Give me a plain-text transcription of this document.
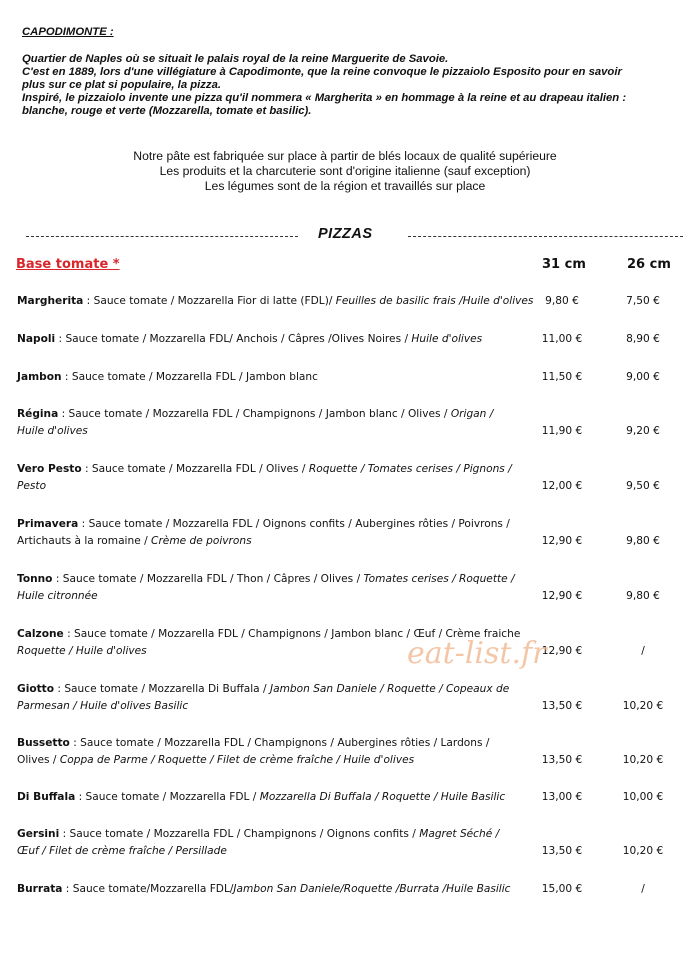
CAPODIMONTE :
Quartier de Naples où se situait le palais royal de la reine Marguerite de Savoie.
C'est en 1889, lors d'une villégiature à Capodimonte, que la reine convoque le pizzaiolo Esposito pour en savoir
plus sur ce plat si populaire, la pizza.
Inspiré, le pizzaiolo invente une pizza qu'il nommera « Margherita » en hommage à la reine et au drapeau italien :
blanche, rouge et verte (Mozzarella, tomate et basilic).
Notre pâte est fabriquée sur place à partir de blés locaux de qualité supérieure
Les produits et la charcuterie sont d'origine italienne (sauf exception)
Les légumes sont de la région et travaillés sur place
PIZZAS
Base tomate *	31 cm	26 cm
Margherita : Sauce tomate / Mozzarella Fior di latte (FDL)/ Feuilles de basilic frais /Huile d'olives	9,80 €	7,50 €
Napoli : Sauce tomate / Mozzarella FDL/ Anchois / Câpres /Olives Noires / Huile d'olives	11,00 €	8,90 €
Jambon : Sauce tomate / Mozzarella FDL / Jambon blanc	11,50 €	9,00 €
Régina : Sauce tomate / Mozzarella FDL / Champignons / Jambon blanc / Olives / Origan /
Huile d'olives	11,90 €	9,20 €
Vero Pesto : Sauce tomate / Mozzarella FDL / Olives / Roquette / Tomates cerises / Pignons /
Pesto	12,00 €	9,50 €
Primavera : Sauce tomate / Mozzarella FDL / Oignons confits / Aubergines rôties / Poivrons /
Artichauts à la romaine / Crème de poivrons	12,90 €	9,80 €
Tonno : Sauce tomate / Mozzarella FDL / Thon / Câpres / Olives / Tomates cerises / Roquette /
Huile citronnée	12,90 €	9,80 €
Calzone : Sauce tomate / Mozzarella FDL / Champignons / Jambon blanc / Œuf / Crème fraiche
Roquette / Huile d'olives	12,90 €	/
Giotto : Sauce tomate / Mozzarella Di Buffala / Jambon San Daniele / Roquette / Copeaux de
Parmesan / Huile d'olives Basilic	13,50 €	10,20 €
Bussetto : Sauce tomate / Mozzarella FDL / Champignons / Aubergines rôties / Lardons /
Olives / Coppa de Parme / Roquette / Filet de crème fraîche / Huile d'olives	13,50 €	10,20 €
Di Buffala : Sauce tomate / Mozzarella FDL / Mozzarella Di Buffala / Roquette / Huile Basilic	13,00 €	10,00 €
Gersini : Sauce tomate / Mozzarella FDL / Champignons / Oignons confits / Magret Séché /
Œuf / Filet de crème fraîche / Persillade	13,50 €	10,20 €
Burrata : Sauce tomate/Mozzarella FDL/Jambon San Daniele/Roquette /Burrata /Huile Basilic	15,00 €	/
eat-list.fr
